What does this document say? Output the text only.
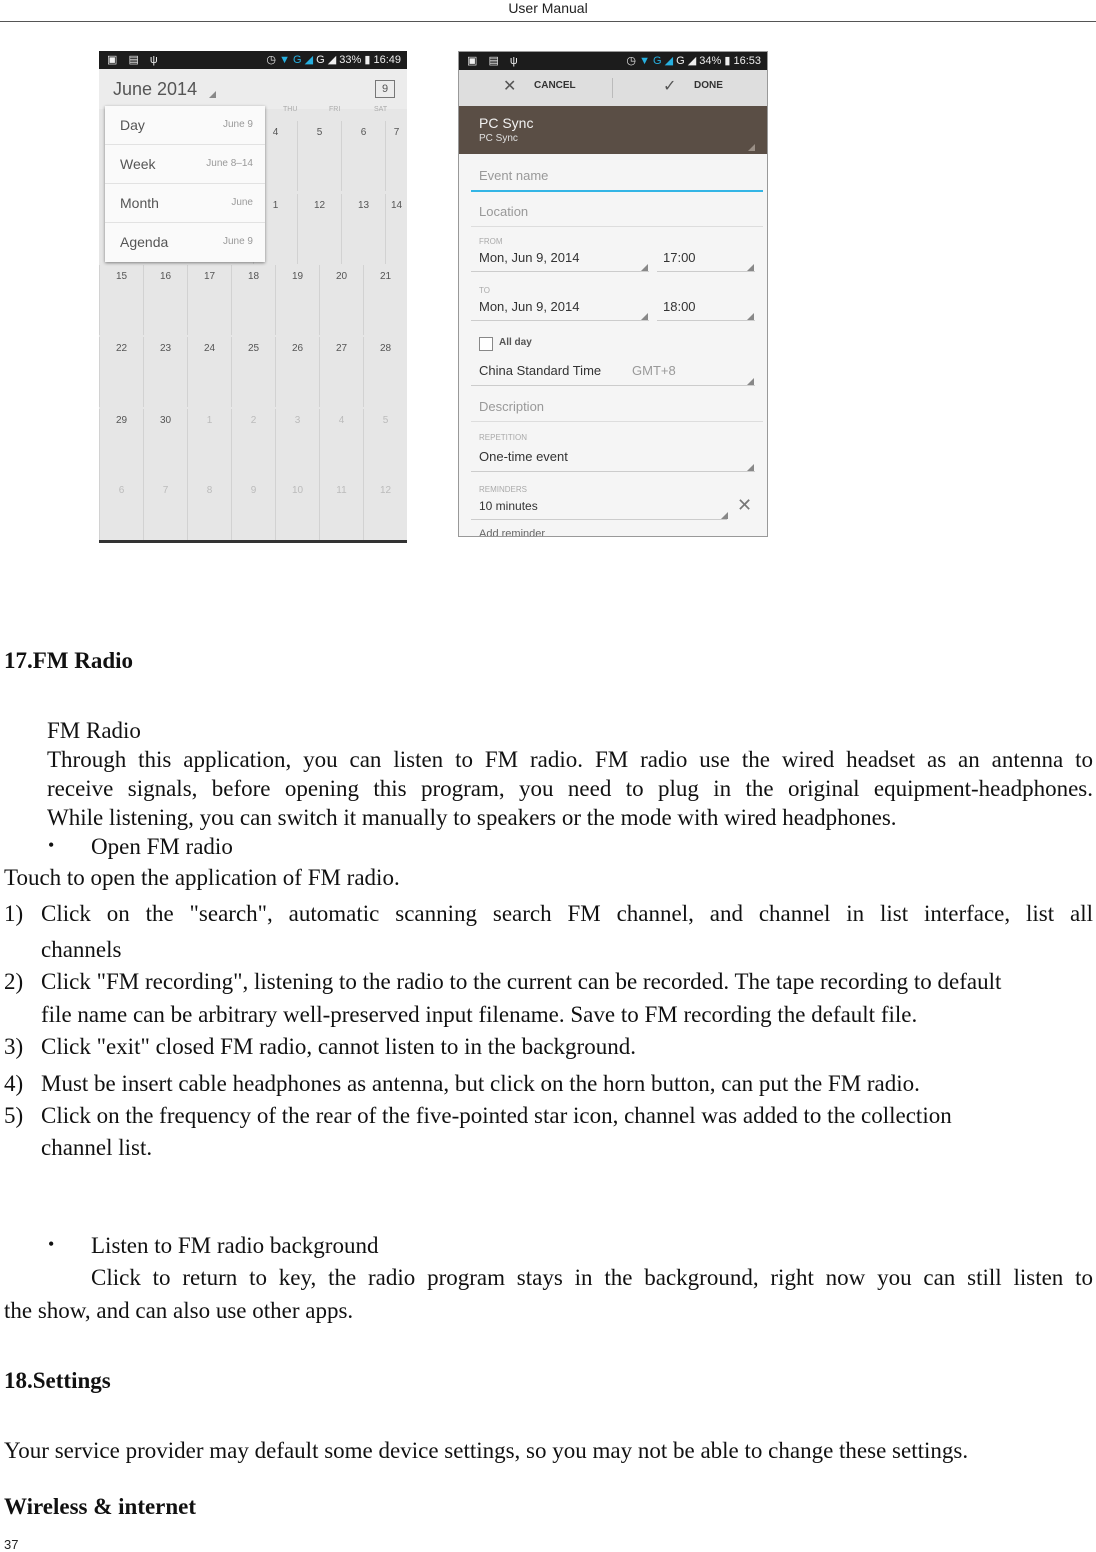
User Manual
▣ ▤ ψ	◷ ▼ G ◢ G ◢ 33% ▮ 16:49
June 2014	9
THU	FRI	SAT
4	5	6	7
1	12	13	14
15	16	17	18	19	20	21
22	23	24	25	26	27	28
29	30	1	2	3	4	5
6	7	8	9	10	11	12
Day	June 9
Week	June 8–14
Month	June
Agenda	June 9
▣ ▤ ψ	◷ ▼ G ◢ G ◢ 34% ▮ 16:53
✕ CANCEL	✓ DONE
PC Sync
PC Sync
Event name
Location
FROM
Mon, Jun 9, 2014	17:00
TO
Mon, Jun 9, 2014	18:00
All day
China Standard Time GMT+8
Description
REPETITION
One-time event
REMINDERS
10 minutes	✕
Add reminder
17.FM Radio
FM Radio
Through this application, you can listen to FM radio. FM radio use the wired headset as an antenna to
receive signals, before opening this program, you need to plug in the original equipment-headphones.
While listening, you can switch it manually to speakers or the mode with wired headphones.
• Open FM radio
Touch to open the application of FM radio.
1) Click on the "search", automatic scanning search FM channel, and channel in list interface, list all
channels
2) Click "FM recording", listening to the radio to the current can be recorded. The tape recording to default
file name can be arbitrary well-preserved input filename. Save to FM recording the default file.
3) Click "exit" closed FM radio, cannot listen to in the background.
4) Must be insert cable headphones as antenna, but click on the horn button, can put the FM radio.
5) Click on the frequency of the rear of the five-pointed star icon, channel was added to the collection
channel list.
• Listen to FM radio background
Click to return to key, the radio program stays in the background, right now you can still listen to
the show, and can also use other apps.
18.Settings
Your service provider may default some device settings, so you may not be able to change these settings.
Wireless & internet
37
